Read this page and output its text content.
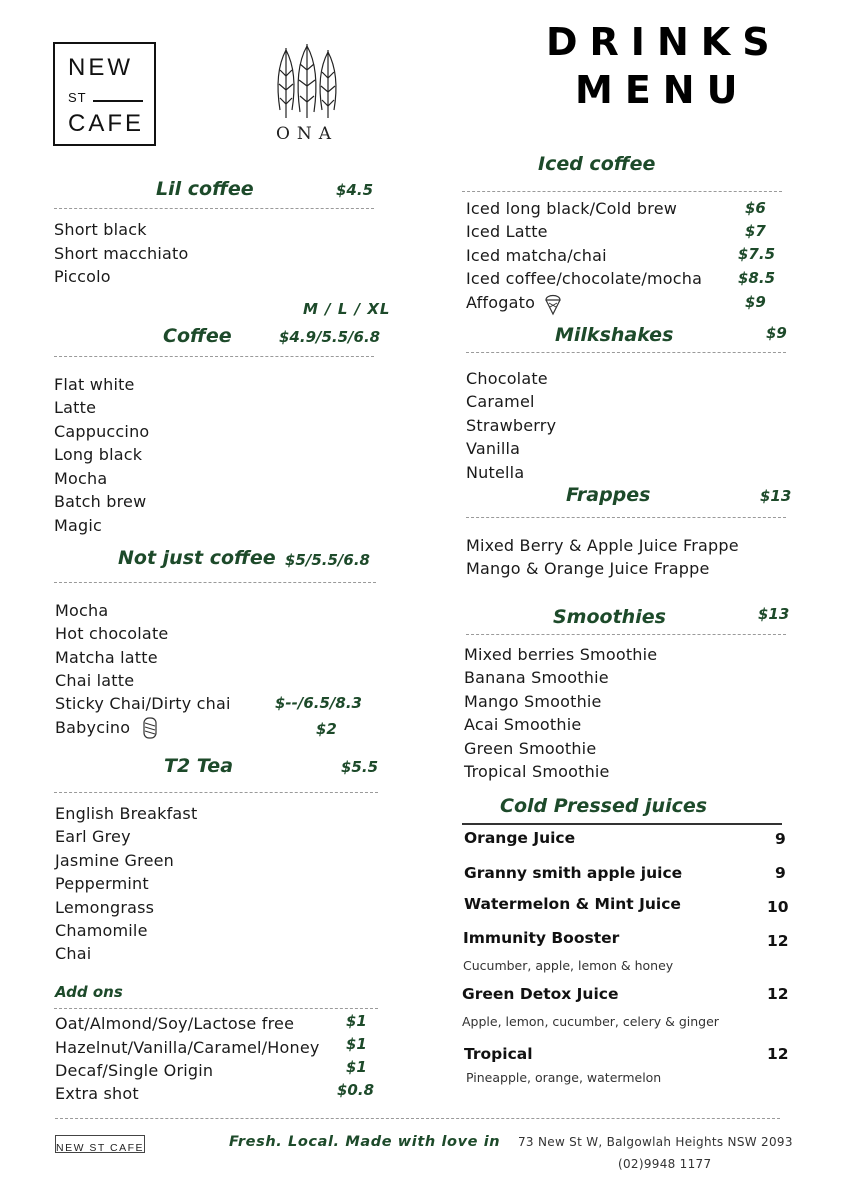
NEW
ST
CAFE	ONA
DRINKS
MENU
Lil coffee	$4.5
Short black
Short macchiato
Piccolo
M / L / XL
Coffee	$4.9/5.5/6.8
Flat white
Latte
Cappuccino
Long black
Mocha
Batch brew
Magic
Not just coffee $5/5.5/6.8
Mocha
Hot chocolate
Matcha latte
Chai latte
Sticky Chai/Dirty chai	$--/6.5/8.3
Babycino	$2
T2 Tea	$5.5
English Breakfast
Earl Grey
Jasmine Green
Peppermint
Lemongrass
Chamomile
Chai
Add ons
Oat/Almond/Soy/Lactose free	$1
Hazelnut/Vanilla/Caramel/Honey $1
Decaf/Single Origin	$1
Extra shot	$0.8
Iced coffee
Iced long black/Cold brew	$6
Iced Latte	$7
Iced matcha/chai	$7.5
Iced coffee/chocolate/mocha $8.5
Affogato	$9
Milkshakes	$9
Chocolate
Caramel
Strawberry
Vanilla
Nutella
Frappes	$13
Mixed Berry & Apple Juice Frappe
Mango & Orange Juice Frappe
Smoothies	$13
Mixed berries Smoothie
Banana Smoothie
Mango Smoothie
Acai Smoothie
Green Smoothie
Tropical Smoothie
Cold Pressed juices
Orange Juice	9
Granny smith apple juice	9
Watermelon & Mint Juice	10
Immunity Booster	12
Cucumber, apple, lemon & honey
Green Detox Juice	12
Apple, lemon, cucumber, celery & ginger
Tropical	12
Pineapple, orange, watermelon
NEW ST CAFE	Fresh. Local. Made with love in 73 New St W, Balgowlah Heights NSW 2093
(02)9948 1177
